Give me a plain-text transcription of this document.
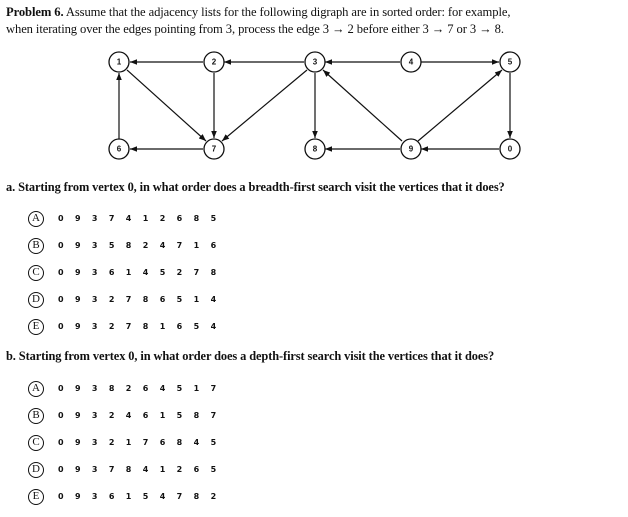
Problem 6. Assume that the adjacency lists for the following digraph are in sorted order: for example,
when iterating over the edges pointing from 3, process the edge 3 → 2 before either 3 → 7 or 3 → 8.
1	2	3	4	5
6	7	8	9	0
a. Starting from vertex 0, in what order does a breadth-first search visit the vertices that it does?
A	0 9 3 7 4 1 2 6 8 5
B	0 9 3 5 8 2 4 7 1 6
C	0 9 3 6 1 4 5 2 7 8
D	0 9 3 2 7 8 6 5 1 4
E	0 9 3 2 7 8 1 6 5 4
b. Starting from vertex 0, in what order does a depth-first search visit the vertices that it does?
A	0 9 3 8 2 6 4 5 1 7
B	0 9 3 2 4 6 1 5 8 7
C	0 9 3 2 1 7 6 8 4 5
D	0 9 3 7 8 4 1 2 6 5
E	0 9 3 6 1 5 4 7 8 2
